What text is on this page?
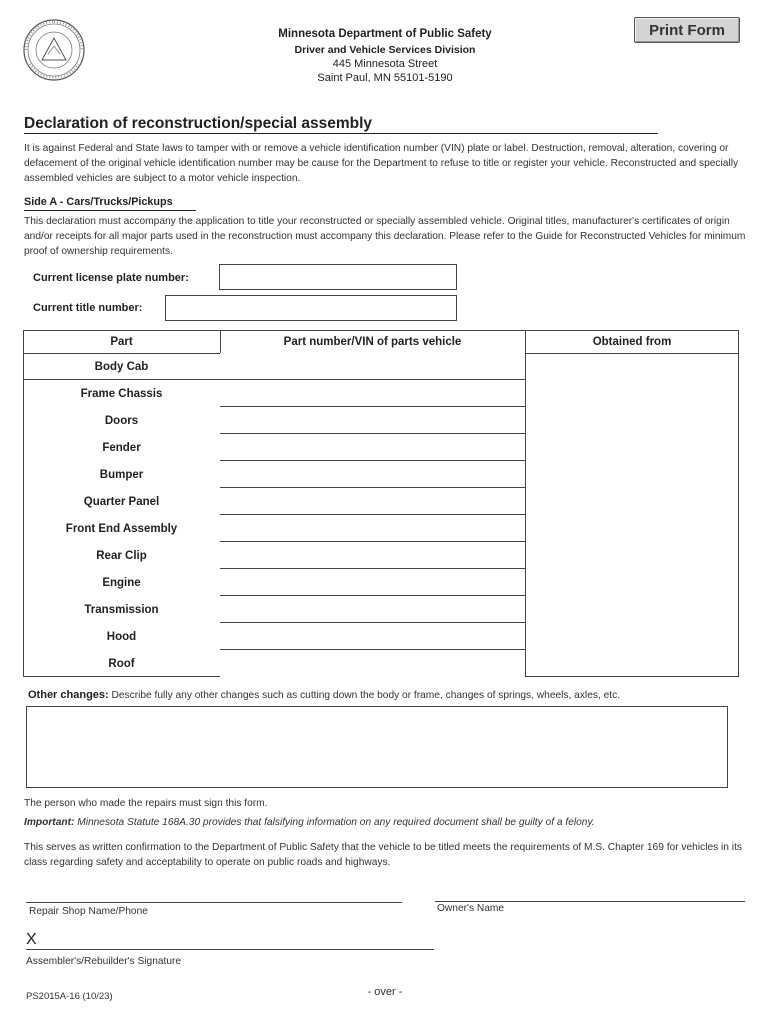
Minnesota Department of Public Safety
Driver and Vehicle Services Division
445 Minnesota Street
Saint Paul, MN 55101-5190
Print Form
Declaration of reconstruction/special assembly
It is against Federal and State laws to tamper with or remove a vehicle identification number (VIN) plate or label. Destruction, removal, alteration, covering or defacement of the original vehicle identification number may be cause for the Department to refuse to title or register your vehicle. Reconstructed and specially assembled vehicles are subject to a motor vehicle inspection.
Side A - Cars/Trucks/Pickups
This declaration must accompany the application to title your reconstructed or specially assembled vehicle. Original titles, manufacturer's certificates of origin and/or receipts for all major parts used in the reconstruction must accompany this declaration. Please refer to the Guide for Reconstructed Vehicles for minimum proof of ownership requirements.
Current license plate number:
Current title number:
Part	Part number/VIN of parts vehicle	Obtained from
Body Cab
Frame Chassis
Doors
Fender
Bumper
Quarter Panel
Front End Assembly
Rear Clip
Engine
Transmission
Hood
Roof
Other changes: Describe fully any other changes such as cutting down the body or frame, changes of springs, wheels, axles, etc.
The person who made the repairs must sign this form.
Important: Minnesota Statute 168A.30 provides that falsifying information on any required document shall be guilty of a felony.
This serves as written confirmation to the Department of Public Safety that the vehicle to be titled meets the requirements of M.S. Chapter 169 for vehicles in its class regarding safety and acceptability to operate on public roads and highways.
Repair Shop Name/Phone	Owner's Name
X
Assembler's/Rebuilder's Signature
PS2015A-16 (10/23)	- over -
